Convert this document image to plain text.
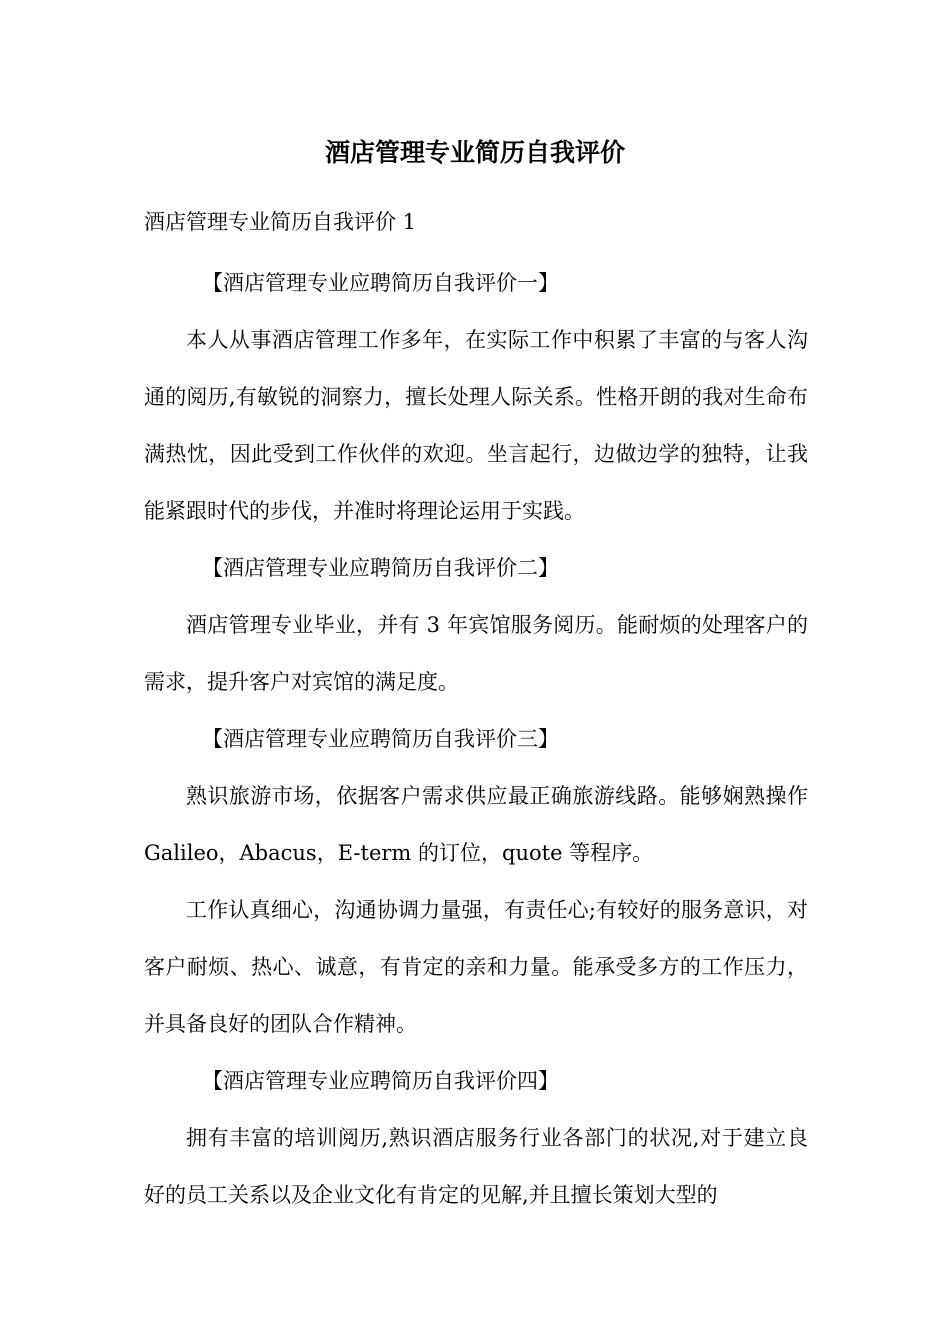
酒店管理专业简历自我评价
酒店管理专业简历自我评价 1

【酒店管理专业应聘简历自我评价一】

本人从事酒店管理工作多年，在实际工作中积累了丰富的与客人沟通的阅历,有敏锐的洞察力，擅长处理人际关系。性格开朗的我对生命布满热忱，因此受到工作伙伴的欢迎。坐言起行，边做边学的独特，让我能紧跟时代的步伐，并准时将理论运用于实践。

【酒店管理专业应聘简历自我评价二】

酒店管理专业毕业，并有 3 年宾馆服务阅历。能耐烦的处理客户的需求，提升客户对宾馆的满足度。

【酒店管理专业应聘简历自我评价三】

熟识旅游市场，依据客户需求供应最正确旅游线路。能够娴熟操作 Galileo，Abacus，E-term 的订位，quote 等程序。

工作认真细心，沟通协调力量强，有责任心;有较好的服务意识，对客户耐烦、热心、诚意，有肯定的亲和力量。能承受多方的工作压力，并具备良好的团队合作精神。

【酒店管理专业应聘简历自我评价四】

拥有丰富的培训阅历,熟识酒店服务行业各部门的状况,对于建立良好的员工关系以及企业文化有肯定的见解,并且擅长策划大型的
